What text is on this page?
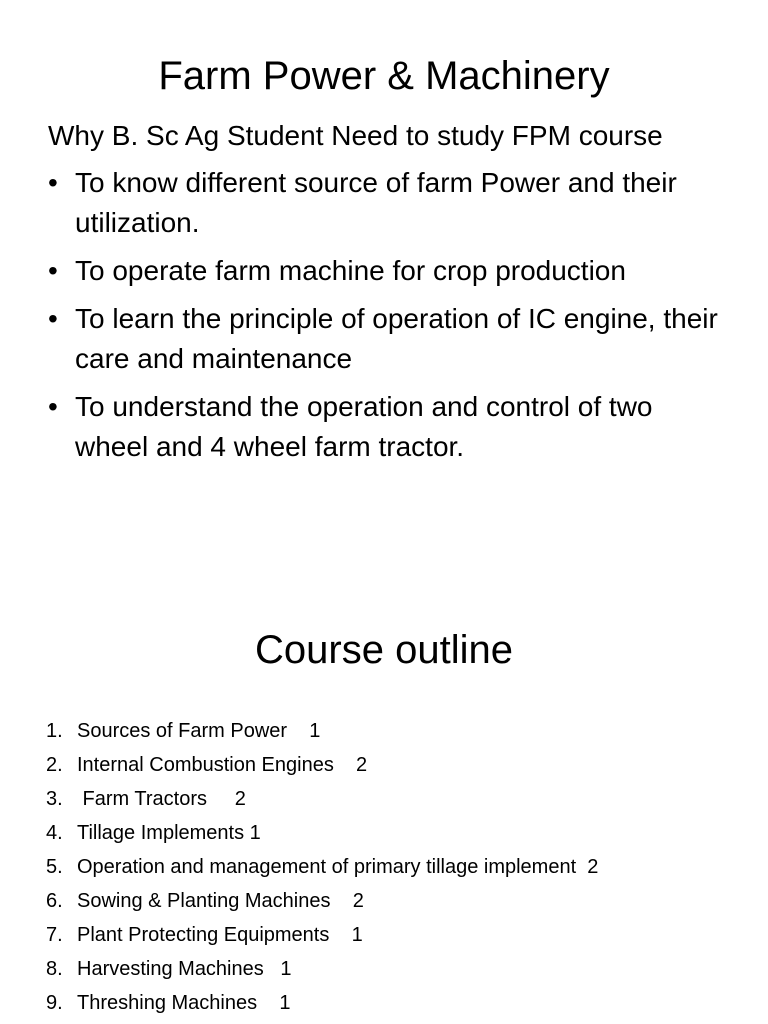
Farm Power & Machinery

Why B. Sc Ag Student Need to study FPM course

• To know different source of farm Power and their utilization.
• To operate farm machine for crop production
• To learn the principle of operation of IC engine, their care and maintenance
• To understand the operation and control of two wheel and 4 wheel farm tractor.
Course outline
1. Sources of Farm Power    1
2. Internal Combustion Engines    2
3. Farm Tractors     2
4. Tillage Implements 1
5. Operation and management of primary tillage implement  2
6. Sowing & Planting Machines    2
7. Plant Protecting Equipments    1
8. Harvesting Machines   1
9. Threshing Machines    1
